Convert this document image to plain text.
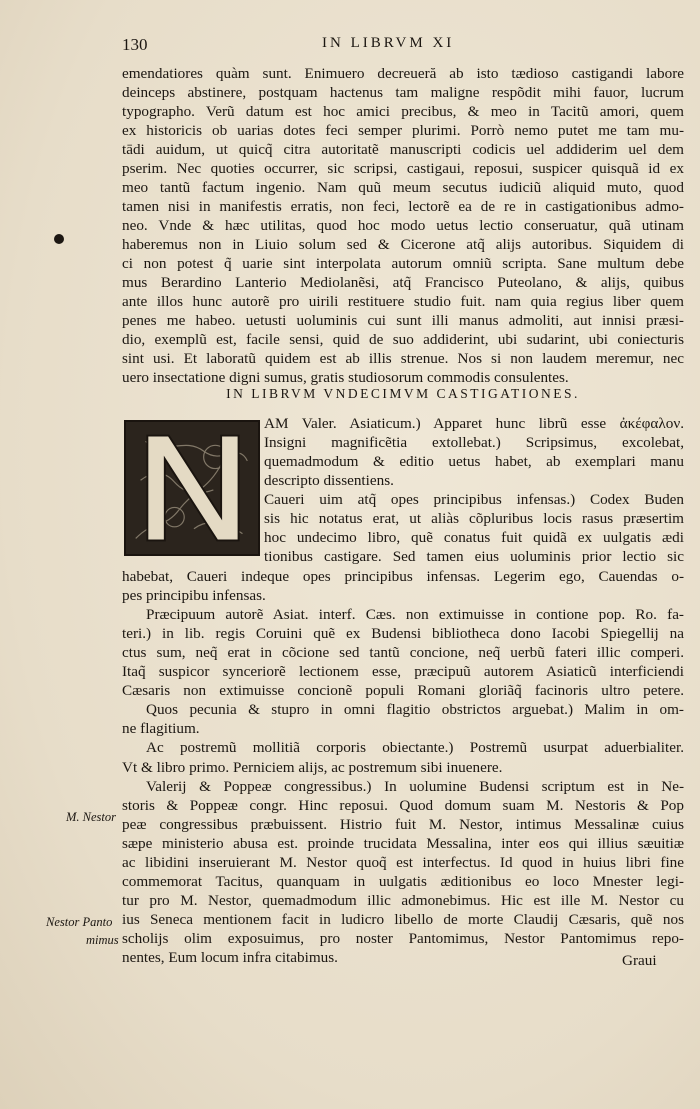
130	IN LIBRVM XI
emendatiores quàm sunt. Enimuero decreueră ab isto tædioso castigandi labore
deinceps abstinere, postquam hactenus tam maligne respõdit mihi fauor, lucrum
typographo. Verũ datum est hoc amici precibus, & meo in Tacitũ amori, quem
ex historicis ob uarias dotes feci semper plurimi. Porrò nemo putet me tam mu-
tādi auidum, ut quicq̃ citra autoritatẽ manuscripti codicis uel addiderim uel dem
pserim. Nec quoties occurrer, sic scripsi, castigaui, reposui, suspicer quisquã id ex
meo tantũ factum ingenio. Nam quũ meum secutus iudiciũ aliquid muto, quod
tamen nisi in manifestis erratis, non feci, lectorẽ ea de re in castigationibus admo-
neo. Vnde & hæc utilitas, quod hoc modo uetus lectio conseruatur, quã utinam
haberemus non in Liuio solum sed & Cicerone atq̃ alijs autoribus. Siquidem di
ci non potest q̃ uarie sint interpolata autorum omniũ scripta. Sane multum debe
mus Berardino Lanterio Mediolanẽsi, atq̃ Francisco Puteolano, & alijs, quibus
ante illos hunc autorẽ pro uirili restituere studio fuit. nam quia regius liber quem
penes me habeo. uetusti uoluminis cui sunt illi manus admoliti, aut innisi præsi-
dio, exemplũ est, facile sensi, quid de suo addiderint, ubi sudarint, ubi coniecturis
sint usi. Et laboratũ quidem est ab illis strenue. Nos si non laudem meremur, nec
uero insectatione digni sumus, gratis studiosorum commodis consulentes.
IN LIBRVM VNDECIMVM CASTIGATIONES.
AM Valer. Asiaticum.) Apparet hunc librũ esse ἀκέφαλον.
Insigni magnificẽtia extollebat.) Scripsimus, excolebat,
quemadmodum & editio uetus habet, ab exemplari manu
descripto dissentiens.
Caueri uim atq̃ opes principibus infensas.) Codex Buden
sis hic notatus erat, ut aliàs cõpluribus locis rasus præsertim
hoc undecimo libro, quẽ conatus fuit quidã ex uulgatis ædi
tionibus castigare. Sed tamen eius uoluminis prior lectio sic
habebat, Caueri indeque opes principibus infensas. Legerim ego, Cauendas o-
pes principibu infensas.
Præcipuum autorẽ Asiat. interf. Cæs. non extimuisse in contione pop. Ro. fa-
teri.) in lib. regis Coruini quẽ ex Budensi bibliotheca dono Iacobi Spiegellij na
ctus sum, neq̃ erat in cõcione sed tantũ concione, neq̃ uerbũ fateri illic comperi.
Itaq̃ suspicor synceriorẽ lectionem esse, præcipuũ autorem Asiaticũ interficiendi
Cæsaris non extimuisse concionẽ populi Romani gloriãq̃ facinoris ultro petere.
Quos pecunia & stupro in omni flagitio obstrictos arguebat.) Malim in om-
ne flagitium.
Ac postremũ mollitiã corporis obiectante.) Postremũ usurpat aduerbialiter.
Vt & libro primo. Perniciem alijs, ac postremum sibi inuenere.
Valerij & Poppeæ congressibus.) In uolumine Budensi scriptum est in Ne-
storis & Poppeæ congr. Hinc reposui. Quod domum suam M. Nestoris & Pop
peæ congressibus præbuissent. Histrio fuit M. Nestor, intimus Messalinæ cuius
sæpe ministerio abusa est. proinde trucidata Messalina, inter eos qui illius sæuitiæ
ac libidini inseruierant M. Nestor quoq̃ est interfectus. Id quod in huius libri fine
commemorat Tacitus, quanquam in uulgatis æditionibus eo loco Mnester legi-
tur pro M. Nestor, quemadmodum illic admonebimus. Hic est ille M. Nestor cu
ius Seneca mentionem facit in ludicro libello de morte Claudij Cæsaris, quẽ nos
scholijs olim exposuimus, pro noster Pantomimus, Nestor Pantomimus repo-
nentes, Eum locum infra citabimus.
M. Nestor
Nestor Panto
mimus
Graui
